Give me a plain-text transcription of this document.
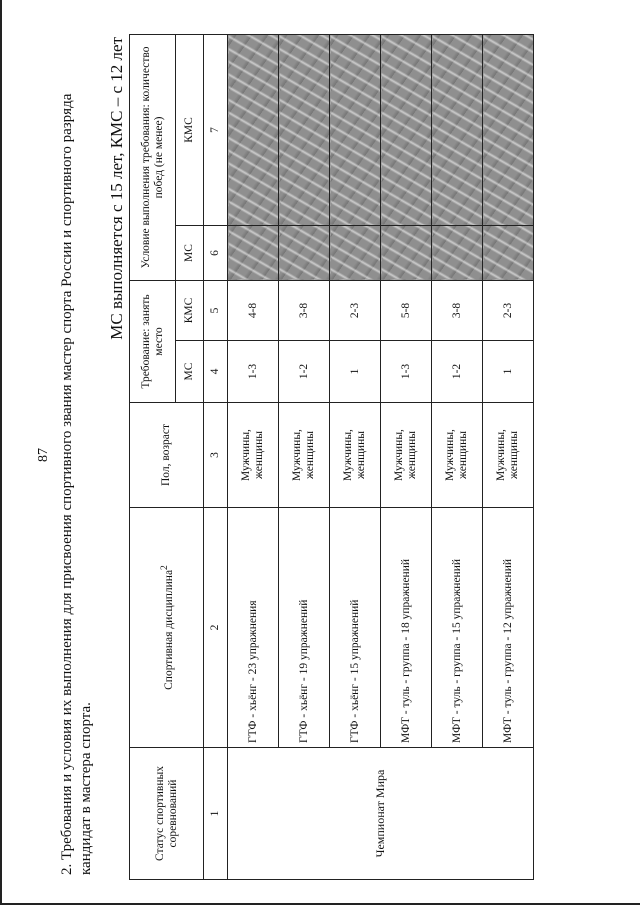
87 2. Требования и условия их выполнения для присвоения спортивного звания мастер спорта России и спортивного разряда кандидат в мастера спорта.
МС выполняется с 15 лет, КМС – с 12 лет
Статус спортивных соревнований	Спортивная дисциплина$^2$	Пол, возраст	Требование: занять место		Условие выполнения требования: количество побед (не менее)	
			МС	КМС	МС	КМС
1	2	3	4	5	6	7
Чемпионат Мира	ГТФ - хьёнг - 23 упражнения	Мужчины, женщины	1-3	4-8		
	ГТФ - хьёнг - 19 упражнений	Мужчины, женщины	1-2	3-8		
	ГТФ - хьёнг - 15 упражнений	Мужчины, женщины	1	2-3		
	МФТ - туль - группа - 18 упражнений	Мужчины, женщины	1-3	5-8		
	МФТ - туль - группа - 15 упражнений	Мужчины, женщины	1-2	3-8		
	МФТ - туль - группа - 12 упражнений	Мужчины, женщины	1	2-3		
